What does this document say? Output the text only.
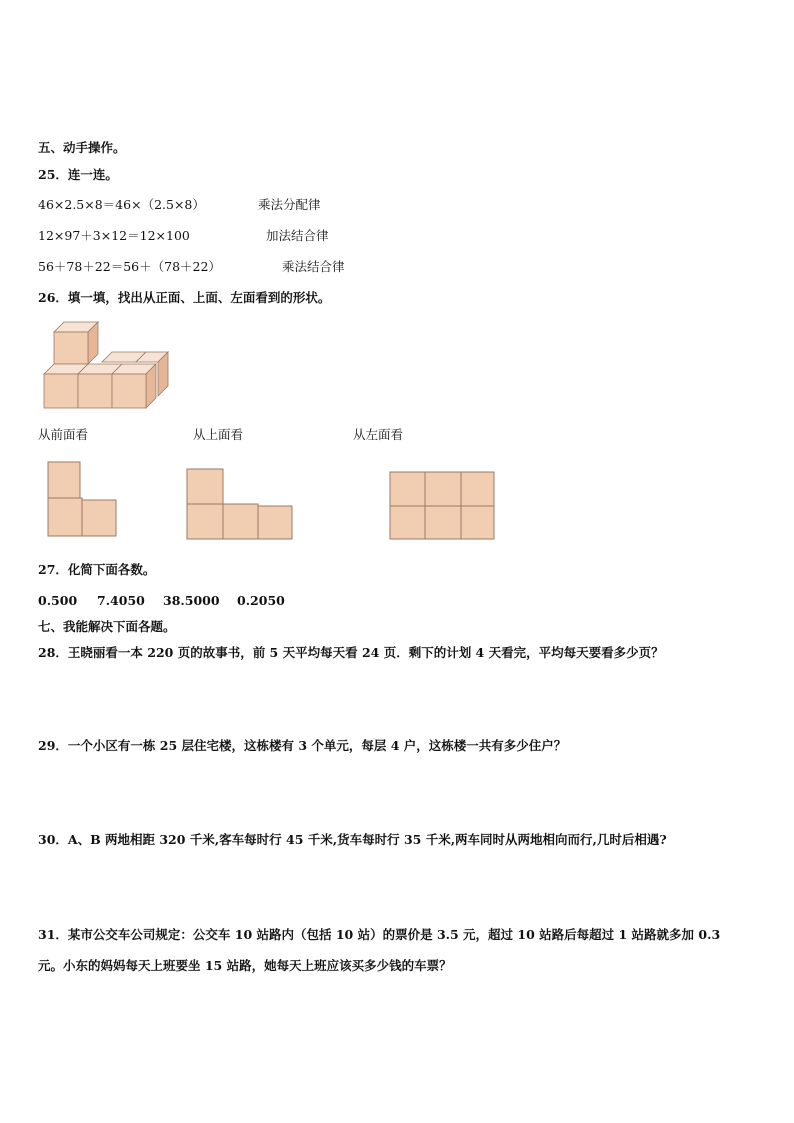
五、动手操作。
25．连一连。
46×2.5×8＝46×（2.5×8）	乘法分配律
12×97＋3×12＝12×100	加法结合律
56＋78＋22＝56＋（78＋22）	乘法结合律
26．填一填，找出从正面、上面、左面看到的形状。
从前面看	从上面看	从左面看
27．化简下面各数。
0.500 7.4050 38.5000 0.2050
七、我能解决下面各题。
28．王晓丽看一本 220 页的故事书，前 5 天平均每天看 24 页．剩下的计划 4 天看完，平均每天要看多少页？
29．一个小区有一栋 25 层住宅楼，这栋楼有 3 个单元，每层 4 户，这栋楼一共有多少住户？
30．A、B 两地相距 320 千米,客车每时行 45 千米,货车每时行 35 千米,两车同时从两地相向而行,几时后相遇?
31．某市公交车公司规定：公交车 10 站路内（包括 10 站）的票价是 3.5 元，超过 10 站路后每超过 1 站路就多加 0.3
元。小东的妈妈每天上班要坐 15 站路，她每天上班应该买多少钱的车票？
